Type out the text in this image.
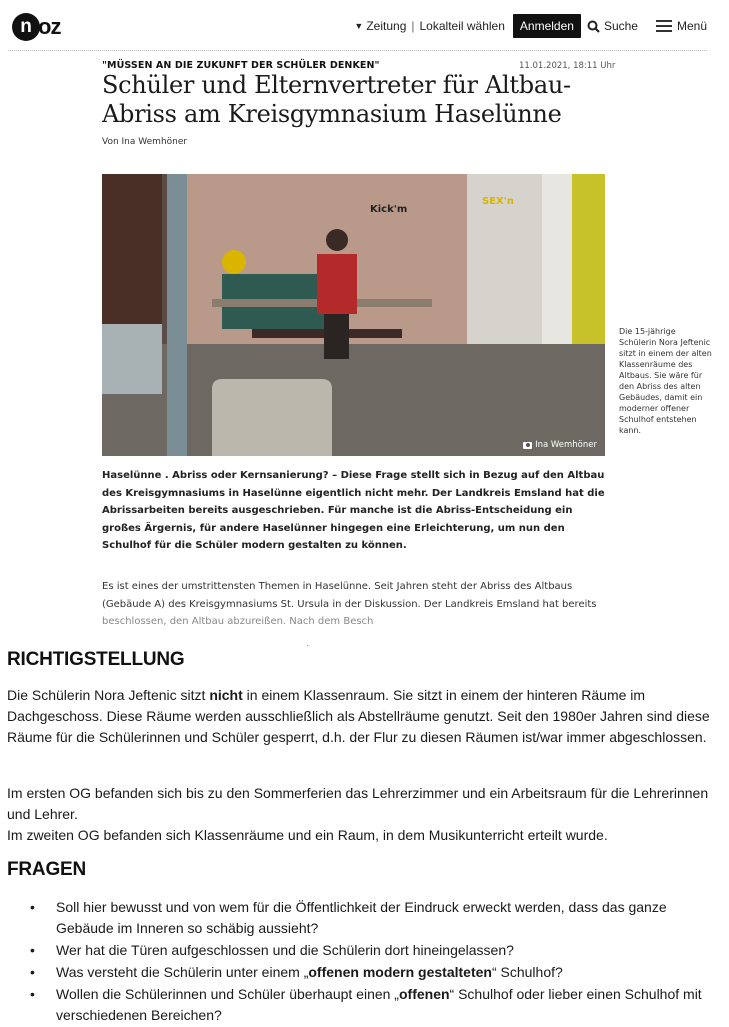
n oz	▼ Zeitung | Lokalteil wählen	Anmelden	Suche	Menü
"MÜSSEN AN DIE ZUKUNFT DER SCHÜLER DENKEN"	11.01.2021, 18:11 Uhr
Schüler und Elternvertreter für Altbau-Abriss am Kreisgymnasium Haselünne
Von Ina Wemhöner
Kick'm
SEX'n
Ina Wemhöner
Die 15-jährige Schülerin Nora Jeftenic sitzt in einem der alten Klassenräume des Altbaus. Sie wäre für den Abriss des alten Gebäudes, damit ein moderner offener Schulhof entstehen kann.

Haselünne . Abriss oder Kernsanierung? – Diese Frage stellt sich in Bezug auf den Altbau des Kreisgymnasiums in Haselünne eigentlich nicht mehr. Der Landkreis Emsland hat die Abrissarbeiten bereits ausgeschrieben. Für manche ist die Abriss-Entscheidung ein großes Ärgernis, für andere Haselünner hingegen eine Erleichterung, um nun den Schulhof für die Schüler modern gestalten zu können.

Es ist eines der umstrittensten Themen in Haselünne. Seit Jahren steht der Abriss des Altbaus (Gebäude A) des Kreisgymnasiums St. Ursula in der Diskussion. Der Landkreis Emsland hat bereits beschlossen, den Altbau abzureißen. Nach dem Besch

RICHTIGSTELLUNG

Die Schülerin Nora Jeftenic sitzt nicht in einem Klassenraum. Sie sitzt in einem der hinteren Räume im Dachgeschoss. Diese Räume werden ausschließlich als Abstellräume genutzt. Seit den 1980er Jahren sind diese Räume für die Schülerinnen und Schüler gesperrt, d.h. der Flur zu diesen Räumen ist/war immer abgeschlossen.

Im ersten OG befanden sich bis zu den Sommerferien das Lehrerzimmer und ein Arbeitsraum für die Lehrerinnen und Lehrer.
Im zweiten OG befanden sich Klassenräume und ein Raum, in dem Musikunterricht erteilt wurde.

FRAGEN
• Soll hier bewusst und von wem für die Öffentlichkeit der Eindruck erweckt werden, dass das ganze Gebäude im Inneren so schäbig aussieht?
• Wer hat die Türen aufgeschlossen und die Schülerin dort hineingelassen?
• Was versteht die Schülerin unter einem „offenen modern gestalteten“ Schulhof?
• Wollen die Schülerinnen und Schüler überhaupt einen „offenen“ Schulhof oder lieber einen Schulhof mit verschiedenen Bereichen?
